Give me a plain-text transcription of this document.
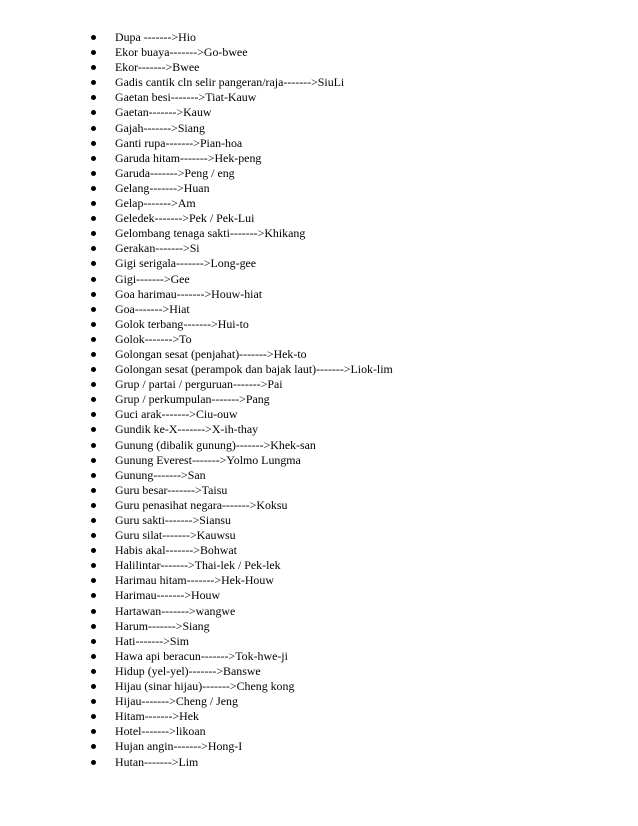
Dupa ------->Hio
Ekor buaya------->Go-bwee
Ekor------->Bwee
Gadis cantik cln selir pangeran/raja------->SiuLi
Gaetan besi------->Tiat-Kauw
Gaetan------->Kauw
Gajah------->Siang
Ganti rupa------->Pian-hoa
Garuda hitam------->Hek-peng
Garuda------->Peng / eng
Gelang------->Huan
Gelap------->Am
Geledek------->Pek / Pek-Lui
Gelombang tenaga sakti------->Khikang
Gerakan------->Si
Gigi serigala------->Long-gee
Gigi------->Gee
Goa harimau------->Houw-hiat
Goa------->Hiat
Golok terbang------->Hui-to
Golok------->To
Golongan sesat (penjahat)------->Hek-to
Golongan sesat (perampok dan bajak laut)------->Liok-lim
Grup / partai / perguruan------->Pai
Grup / perkumpulan------->Pang
Guci arak------->Ciu-ouw
Gundik ke-X------->X-ih-thay
Gunung (dibalik gunung)------->Khek-san
Gunung Everest------->Yolmo Lungma
Gunung------->San
Guru besar------->Taisu
Guru penasihat negara------->Koksu
Guru sakti------->Siansu
Guru silat------->Kauwsu
Habis akal------->Bohwat
Halilintar------->Thai-lek / Pek-lek
Harimau hitam------->Hek-Houw
Harimau------->Houw
Hartawan------->wangwe
Harum------->Siang
Hati------->Sim
Hawa api beracun------->Tok-hwe-ji
Hidup (yel-yel)------->Banswe
Hijau (sinar hijau)------->Cheng kong
Hijau------->Cheng / Jeng
Hitam------->Hek
Hotel------->likoan
Hujan angin------->Hong-I
Hutan------->Lim
